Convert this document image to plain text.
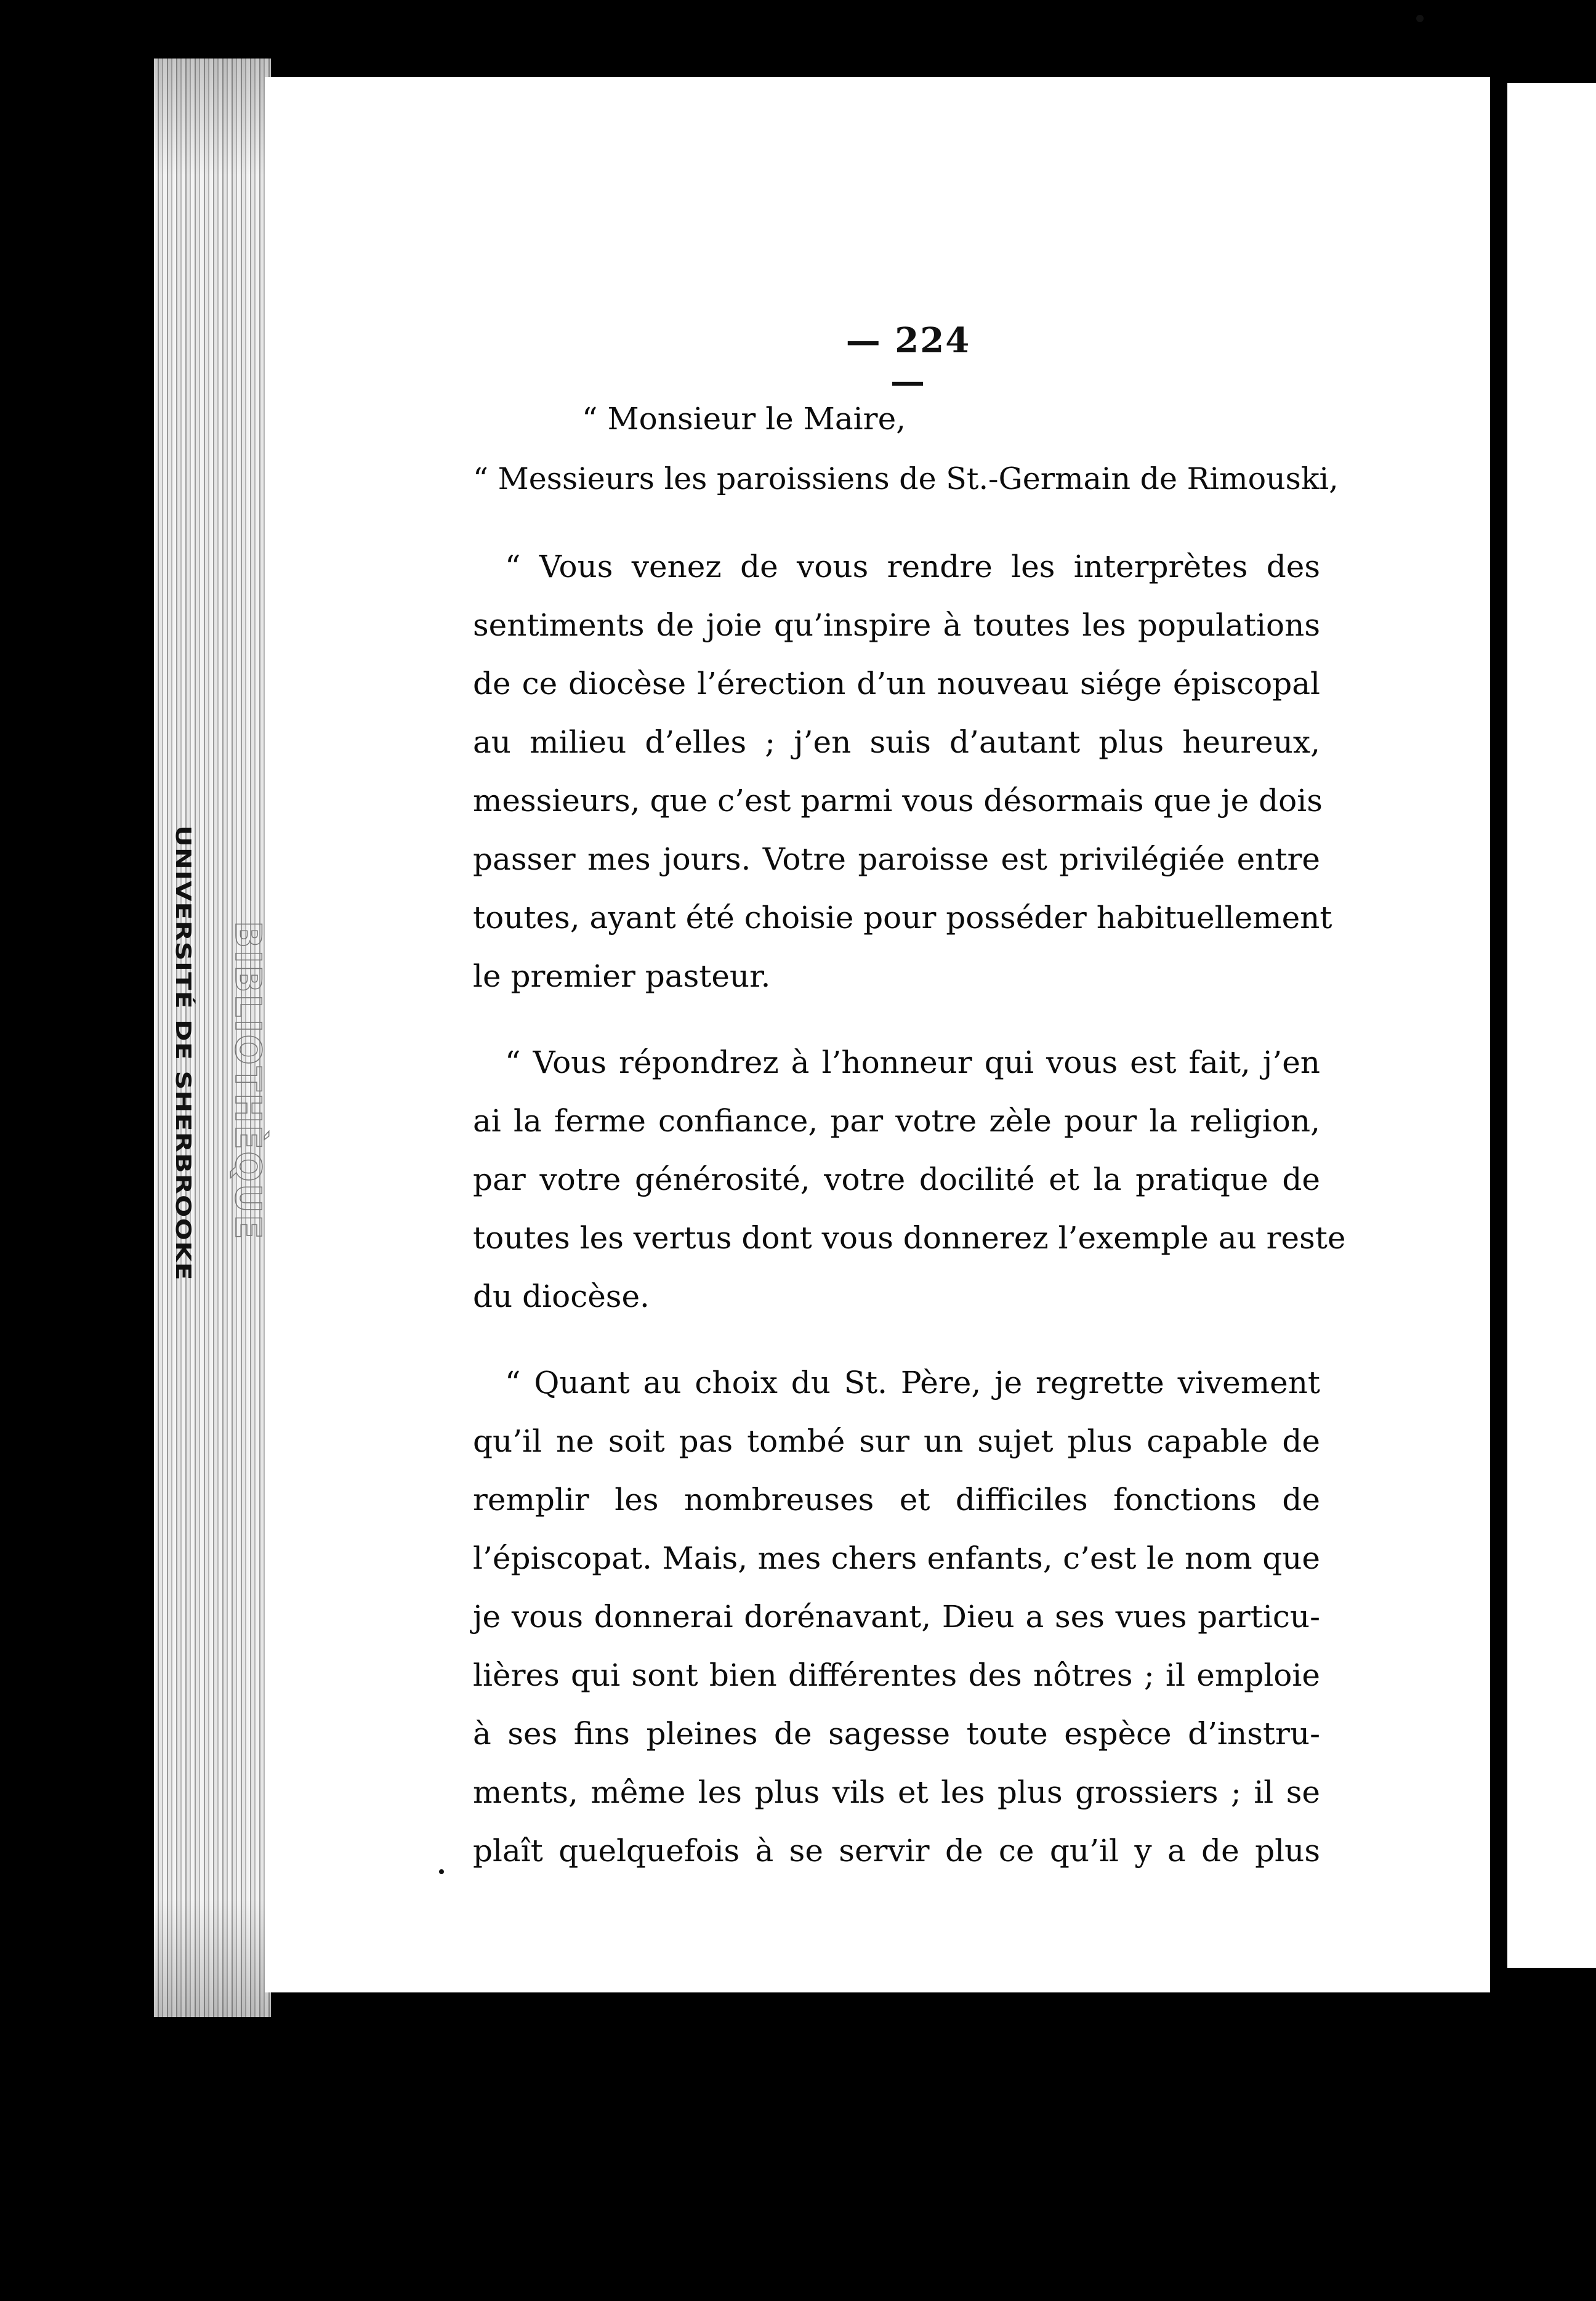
— 224 —
“ Monsieur le Maire,
“ Messieurs les paroissiens de St.-Germain de Rimouski,
“ Vous venez de vous rendre les interprètes des
sentiments de joie qu’inspire à toutes les populations
de ce diocèse l’érection d’un nouveau siége épiscopal
au milieu d’elles ; j’en suis d’autant plus heureux,
messieurs, que c’est parmi vous désormais que je dois
passer mes jours. Votre paroisse est privilégiée entre
toutes, ayant été choisie pour posséder habituellement
le premier pasteur.
“ Vous répondrez à l’honneur qui vous est fait, j’en
ai la ferme confiance, par votre zèle pour la religion,
par votre générosité, votre docilité et la pratique de
toutes les vertus dont vous donnerez l’exemple au reste
du diocèse.
“ Quant au choix du St. Père, je regrette vivement
qu’il ne soit pas tombé sur un sujet plus capable de
remplir les nombreuses et difficiles fonctions de
l’épiscopat. Mais, mes chers enfants, c’est le nom que
je vous donnerai dorénavant, Dieu a ses vues particu-
lières qui sont bien différentes des nôtres ; il emploie
à ses fins pleines de sagesse toute espèce d’instru-
ments, même les plus vils et les plus grossiers ; il se
plaît quelquefois à se servir de ce qu’il y a de plus
UNIVERSITÉ DE SHERBROOKE BIBLIOTHÈQUE
